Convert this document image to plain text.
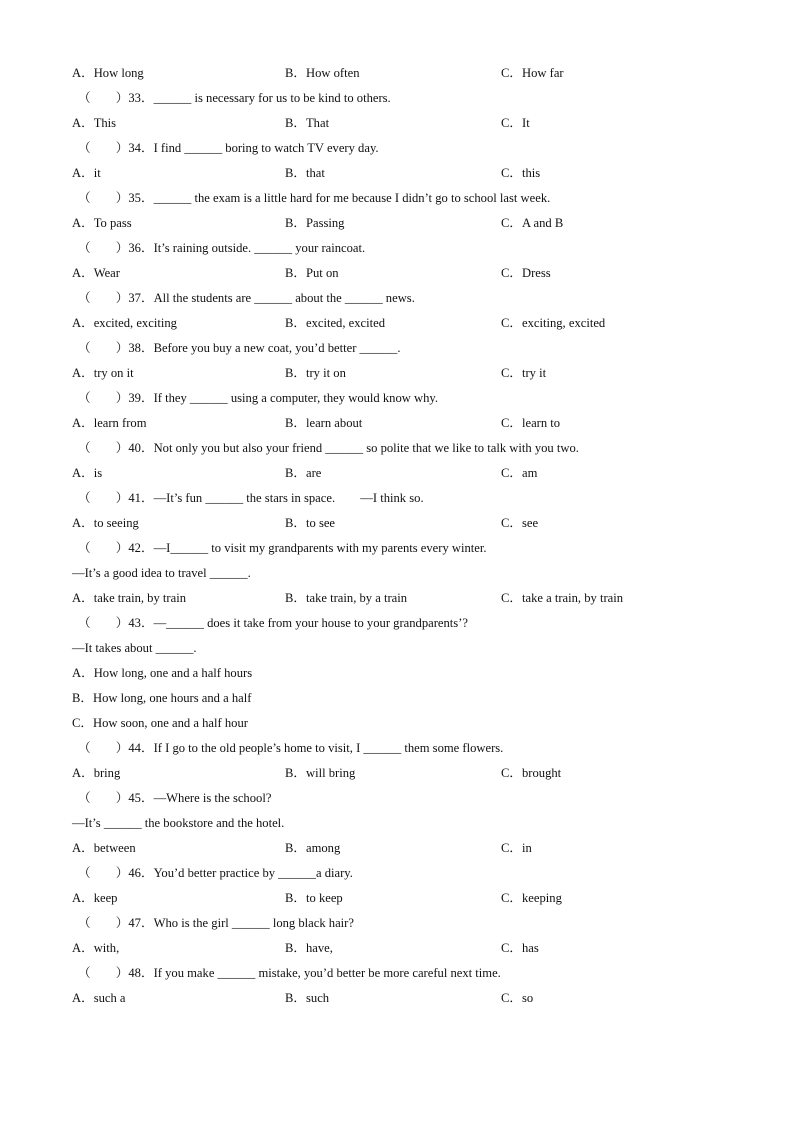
A．How long	B．How often	C．How far
（　　）33．______ is necessary for us to be kind to others.
A．This	B．That	C．It
（　　）34．I find ______ boring to watch TV every day.
A．it	B．that	C．this
（　　）35．______ the exam is a little hard for me because I didn’t go to school last week.
A．To pass	B．Passing	C．A and B
（　　）36．It’s raining outside. ______ your raincoat.
A．Wear	B．Put on	C．Dress
（　　）37．All the students are ______ about the ______ news.
A．excited, exciting	B．excited, excited	C．exciting, excited
（　　）38．Before you buy a new coat, you’d better ______.
A．try on it	B．try it on	C．try it
（　　）39．If they ______ using a computer, they would know why.
A．learn from	B．learn about	C．learn to
（　　）40．Not only you but also your friend ______ so polite that we like to talk with you two.
A．is	B．are	C．am
（　　）41．—It’s fun ______ the stars in space.　　—I think so.
A．to seeing	B．to see	C．see
（　　）42．—I______ to visit my grandparents with my parents every winter.
—It’s a good idea to travel ______.
A．take train, by train	B．take train, by a train	C．take a train, by train
（　　）43．—______ does it take from your house to your grandparents’?
—It takes about ______.
A．How long, one and a half hours
B．How long, one hours and a half
C．How soon, one and a half hour
（　　）44．If I go to the old people’s home to visit, I ______ them some flowers.
A．bring	B．will bring	C．brought
（　　）45．—Where is the school?
—It’s ______ the bookstore and the hotel.
A．between	B．among	C．in
（　　）46．You’d better practice by ______a diary.
A．keep	B．to keep	C．keeping
（　　）47．Who is the girl ______ long black hair?
A．with,	B．have,	C．has
（　　）48．If you make ______ mistake, you’d better be more careful next time.
A．such a	B．such	C．so
